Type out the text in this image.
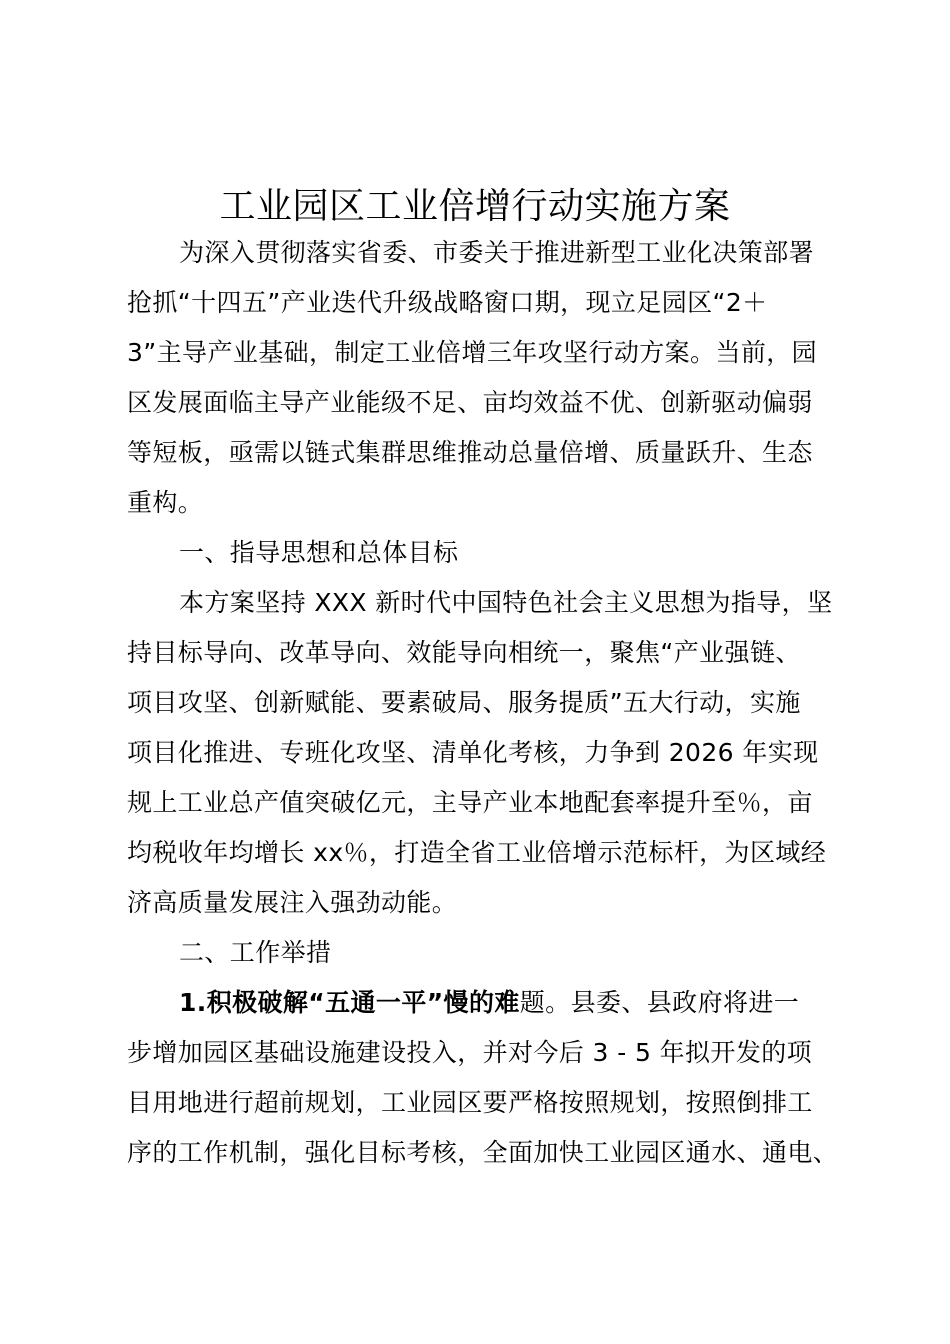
工业园区工业倍增行动实施方案
为深入贯彻落实省委、市委关于推进新型工业化决策部署
抢抓“十四五”产业迭代升级战略窗口期，现立足园区“2＋
3”主导产业基础，制定工业倍增三年攻坚行动方案。当前，园
区发展面临主导产业能级不足、亩均效益不优、创新驱动偏弱
等短板，亟需以链式集群思维推动总量倍增、质量跃升、生态
重构。
一、指导思想和总体目标
本方案坚持 XXX 新时代中国特色社会主义思想为指导，坚
持目标导向、改革导向、效能导向相统一，聚焦“产业强链、
项目攻坚、创新赋能、要素破局、服务提质”五大行动，实施
项目化推进、专班化攻坚、清单化考核，力争到 2026 年实现
规上工业总产值突破亿元，主导产业本地配套率提升至％，亩
均税收年均增长 xx％，打造全省工业倍增示范标杆，为区域经
济高质量发展注入强劲动能。
二、工作举措
1.积极破解“五通一平”慢的难题。县委、县政府将进一
步增加园区基础设施建设投入，并对今后 3 - 5 年拟开发的项
目用地进行超前规划，工业园区要严格按照规划，按照倒排工
序的工作机制，强化目标考核，全面加快工业园区通水、通电、
